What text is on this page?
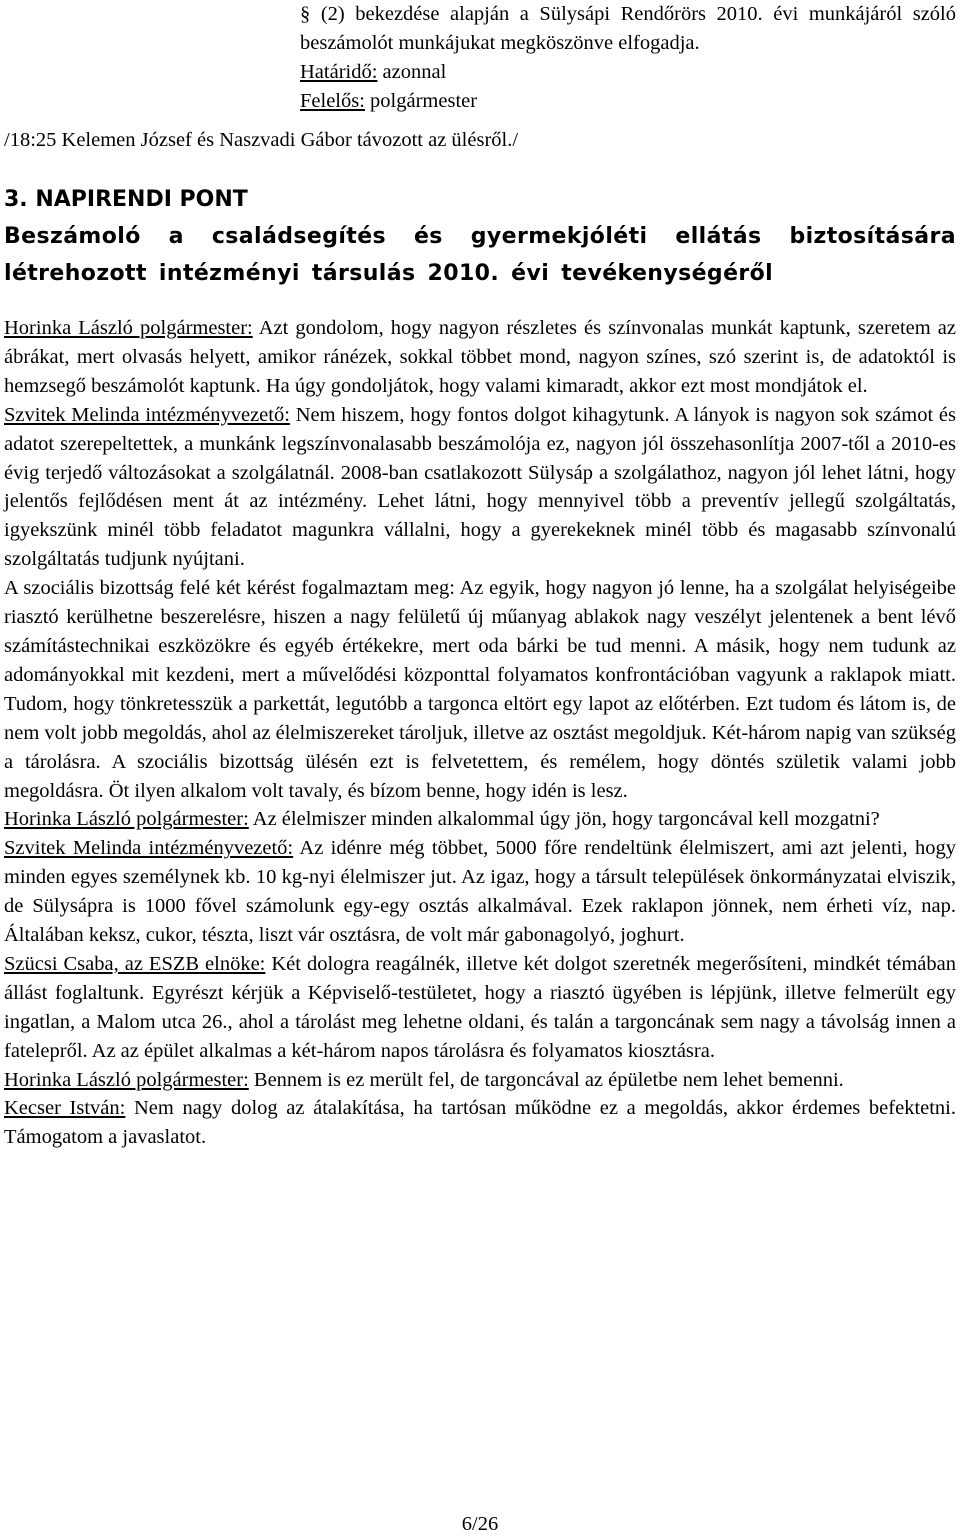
§ (2) bekezdése alapján a Sülysápi Rendőrörs 2010. évi munkájáról szóló beszámolót munkájukat megköszönve elfogadja.

Határidő: azonnal

Felelős: polgármester

/18:25 Kelemen József és Naszvadi Gábor távozott az ülésről./

3. NAPIRENDI PONT
Beszámoló a családsegítés és gyermekjóléti ellátás biztosítására létrehozott intézményi társulás 2010. évi tevékenységéről

Horinka László polgármester: Azt gondolom, hogy nagyon részletes és színvonalas munkát kaptunk, szeretem az ábrákat, mert olvasás helyett, amikor ránézek, sokkal többet mond, nagyon színes, szó szerint is, de adatoktól is hemzsegő beszámolót kaptunk. Ha úgy gondoljátok, hogy valami kimaradt, akkor ezt most mondjátok el.

Szvitek Melinda intézményvezető: Nem hiszem, hogy fontos dolgot kihagytunk. A lányok is nagyon sok számot és adatot szerepeltettek, a munkánk legszínvonalasabb beszámolója ez, nagyon jól összehasonlítja 2007-től a 2010-es évig terjedő változásokat a szolgálatnál. 2008-ban csatlakozott Sülysáp a szolgálathoz, nagyon jól lehet látni, hogy jelentős fejlődésen ment át az intézmény. Lehet látni, hogy mennyivel több a preventív jellegű szolgáltatás, igyekszünk minél több feladatot magunkra vállalni, hogy a gyerekeknek minél több és magasabb színvonalú szolgáltatás tudjunk nyújtani.

A szociális bizottság felé két kérést fogalmaztam meg: Az egyik, hogy nagyon jó lenne, ha a szolgálat helyiségeibe riasztó kerülhetne beszerelésre, hiszen a nagy felületű új műanyag ablakok nagy veszélyt jelentenek a bent lévő számítástechnikai eszközökre és egyéb értékekre, mert oda bárki be tud menni. A másik, hogy nem tudunk az adományokkal mit kezdeni, mert a művelődési központtal folyamatos konfrontációban vagyunk a raklapok miatt. Tudom, hogy tönkretesszük a parkettát, legutóbb a targonca eltört egy lapot az előtérben. Ezt tudom és látom is, de nem volt jobb megoldás, ahol az élelmiszereket tároljuk, illetve az osztást megoldjuk. Két-három napig van szükség a tárolásra. A szociális bizottság ülésén ezt is felvetettem, és remélem, hogy döntés születik valami jobb megoldásra. Öt ilyen alkalom volt tavaly, és bízom benne, hogy idén is lesz.

Horinka László polgármester: Az élelmiszer minden alkalommal úgy jön, hogy targoncával kell mozgatni?

Szvitek Melinda intézményvezető: Az idénre még többet, 5000 főre rendeltünk élelmiszert, ami azt jelenti, hogy minden egyes személynek kb. 10 kg-nyi élelmiszer jut. Az igaz, hogy a társult települések önkormányzatai elviszik, de Sülysápra is 1000 fővel számolunk egy-egy osztás alkalmával. Ezek raklapon jönnek, nem érheti víz, nap. Általában keksz, cukor, tészta, liszt vár osztásra, de volt már gabonagolyó, joghurt.

Szücsi Csaba, az ESZB elnöke: Két dologra reagálnék, illetve két dolgot szeretnék megerősíteni, mindkét témában állást foglaltunk. Egyrészt kérjük a Képviselő-testületet, hogy a riasztó ügyében is lépjünk, illetve felmerült egy ingatlan, a Malom utca 26., ahol a tárolást meg lehetne oldani, és talán a targoncának sem nagy a távolság innen a fatelepről. Az az épület alkalmas a két-három napos tárolásra és folyamatos kiosztásra.

Horinka László polgármester: Bennem is ez merült fel, de targoncával az épületbe nem lehet bemenni.

Kecser István: Nem nagy dolog az átalakítása, ha tartósan működne ez a megoldás, akkor érdemes befektetni. Támogatom a javaslatot.

6/26
